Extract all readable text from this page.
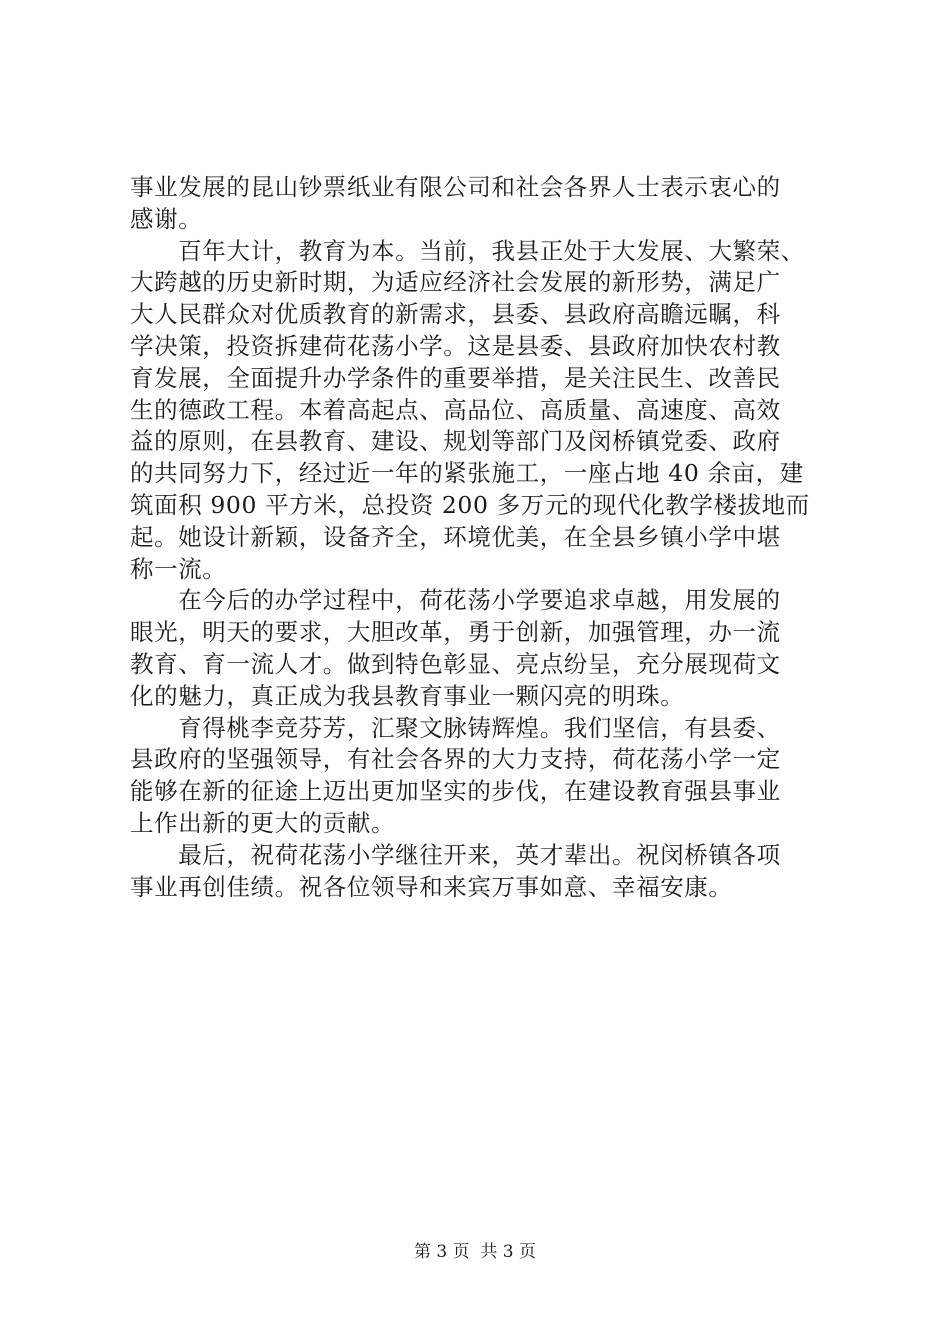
事业发展的昆山钞票纸业有限公司和社会各界人士表示衷心的
感谢。
　　百年大计，教育为本。当前，我县正处于大发展、大繁荣、
大跨越的历史新时期，为适应经济社会发展的新形势，满足广
大人民群众对优质教育的新需求，县委、县政府高瞻远瞩，科
学决策，投资拆建荷花荡小学。这是县委、县政府加快农村教
育发展，全面提升办学条件的重要举措，是关注民生、改善民
生的德政工程。本着高起点、高品位、高质量、高速度、高效
益的原则，在县教育、建设、规划等部门及闵桥镇党委、政府
的共同努力下，经过近一年的紧张施工，一座占地 40 余亩，建
筑面积 900 平方米，总投资 200 多万元的现代化教学楼拔地而
起。她设计新颖，设备齐全，环境优美，在全县乡镇小学中堪
称一流。
　　在今后的办学过程中，荷花荡小学要追求卓越，用发展的
眼光，明天的要求，大胆改革，勇于创新，加强管理，办一流
教育、育一流人才。做到特色彰显、亮点纷呈，充分展现荷文
化的魅力，真正成为我县教育事业一颗闪亮的明珠。
　　育得桃李竞芬芳，汇聚文脉铸辉煌。我们坚信，有县委、
县政府的坚强领导，有社会各界的大力支持，荷花荡小学一定
能够在新的征途上迈出更加坚实的步伐，在建设教育强县事业
上作出新的更大的贡献。
　　最后，祝荷花荡小学继往开来，英才辈出。祝闵桥镇各项
事业再创佳绩。祝各位领导和来宾万事如意、幸福安康。
第 3 页  共 3 页
